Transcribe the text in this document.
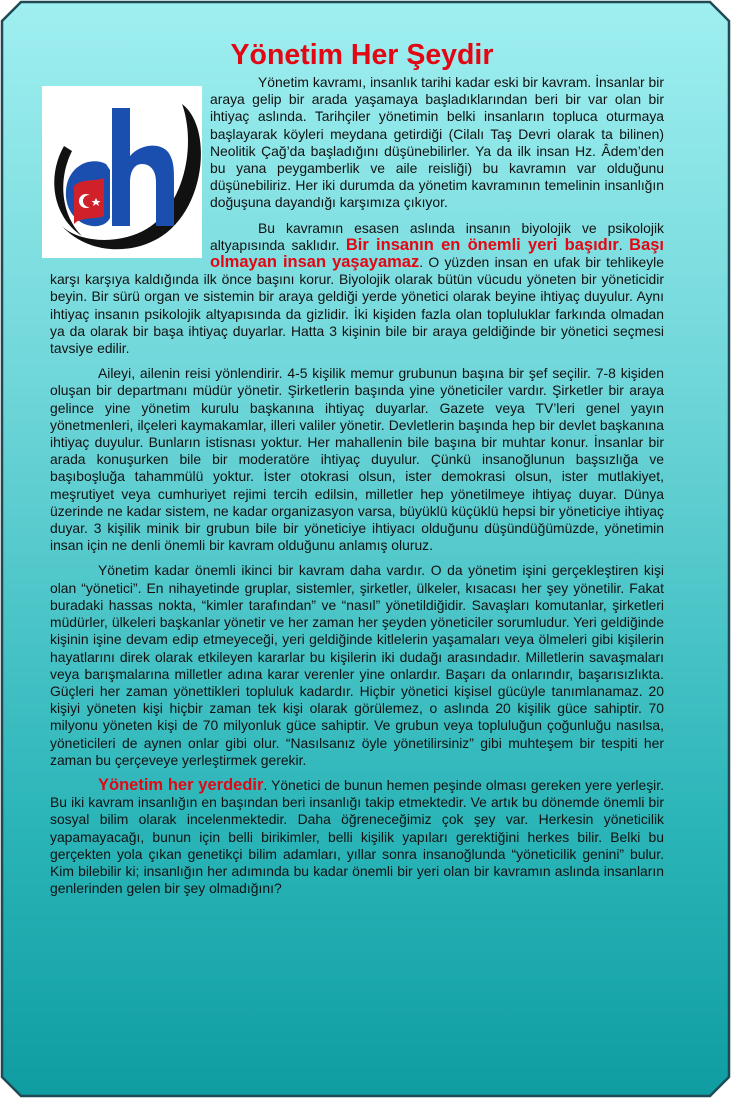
Yönetim Her Şeydir

Yönetim kavramı, insanlık tarihi kadar eski bir kavram. İnsanlar bir araya gelip bir arada yaşamaya başladıklarından beri bir var olan bir ihtiyaç aslında. Tarihçiler yönetimin belki insanların topluca oturmaya başlayarak köyleri meydana getirdiği (Cilalı Taş Devri olarak ta bilinen) Neolitik Çağ’da başladığını düşünebilirler. Ya da ilk insan Hz. Âdem’den bu yana peygamberlik ve aile reisliği) bu kavramın var olduğunu düşünebiliriz. Her iki durumda da yönetim kavramının temelinin insanlığın doğuşuna dayandığı karşımıza çıkıyor.

Bu kavramın esasen aslında insanın biyolojik ve psikolojik altyapısında saklıdır. Bir insanın en önemli yeri başıdır. Başı olmayan insan yaşayamaz. O yüzden insan en ufak bir tehlikeyle karşı karşıya kaldığında ilk önce başını korur. Biyolojik olarak bütün vücudu yöneten bir yöneticidir beyin. Bir sürü organ ve sistemin bir araya geldiği yerde yönetici olarak beyine ihtiyaç duyulur. Aynı ihtiyaç insanın psikolojik altyapısında da gizlidir. İki kişiden fazla olan topluluklar farkında olmadan ya da olarak bir başa ihtiyaç duyarlar. Hatta 3 kişinin bile bir araya geldiğinde bir yönetici seçmesi tavsiye edilir.

Aileyi, ailenin reisi yönlendirir. 4-5 kişilik memur grubunun başına bir şef seçilir. 7-8 kişiden oluşan bir departmanı müdür yönetir. Şirketlerin başında yine yöneticiler vardır. Şirketler bir araya gelince yine yönetim kurulu başkanına ihtiyaç duyarlar. Gazete veya TV’leri genel yayın yönetmenleri, ilçeleri kaymakamlar, illeri valiler yönetir. Devletlerin başında hep bir devlet başkanına ihtiyaç duyulur. Bunların istisnası yoktur. Her mahallenin bile başına bir muhtar konur. İnsanlar bir arada konuşurken bile bir moderatöre ihtiyaç duyulur. Çünkü insanoğlunun başsızlığa ve başıboşluğa tahammülü yoktur. İster otokrasi olsun, ister demokrasi olsun, ister mutlakiyet, meşrutiyet veya cumhuriyet rejimi tercih edilsin, milletler hep yönetilmeye ihtiyaç duyar. Dünya üzerinde ne kadar sistem, ne kadar organizasyon varsa, büyüklü küçüklü hepsi bir yöneticiye ihtiyaç duyar. 3 kişilik minik bir grubun bile bir yöneticiye ihtiyacı olduğunu düşündüğümüzde, yönetimin insan için ne denli önemli bir kavram olduğunu anlamış oluruz.

Yönetim kadar önemli ikinci bir kavram daha vardır. O da yönetim işini gerçekleştiren kişi olan “yönetici”. En nihayetinde gruplar, sistemler, şirketler, ülkeler, kısacası her şey yönetilir. Fakat buradaki hassas nokta, “kimler tarafından” ve “nasıl” yönetildiğidir. Savaşları komutanlar, şirketleri müdürler, ülkeleri başkanlar yönetir ve her zaman her şeyden yöneticiler sorumludur. Yeri geldiğinde kişinin işine devam edip etmeyeceği, yeri geldiğinde kitlelerin yaşamaları veya ölmeleri gibi kişilerin hayatlarını direk olarak etkileyen kararlar bu kişilerin iki dudağı arasındadır. Milletlerin savaşmaları veya barışmalarına milletler adına karar verenler yine onlardır. Başarı da onlarındır, başarısızlıkta. Güçleri her zaman yönettikleri topluluk kadardır. Hiçbir yönetici kişisel gücüyle tanımlanamaz. 20 kişiyi yöneten kişi hiçbir zaman tek kişi olarak görülemez, o aslında 20 kişilik güce sahiptir. 70 milyonu yöneten kişi de 70 milyonluk güce sahiptir. Ve grubun veya topluluğun çoğunluğu nasılsa, yöneticileri de aynen onlar gibi olur. “Nasılsanız öyle yönetilirsiniz” gibi muhteşem bir tespiti her zaman bu çerçeveye yerleştirmek gerekir.

Yönetim her yerdedir. Yönetici de bunun hemen peşinde olması gereken yere yerleşir. Bu iki kavram insanlığın en başından beri insanlığı takip etmektedir. Ve artık bu dönemde önemli bir sosyal bilim olarak incelenmektedir. Daha öğreneceğimiz çok şey var. Herkesin yöneticilik yapamayacağı, bunun için belli birikimler, belli kişilik yapıları gerektiğini herkes bilir. Belki bu gerçekten yola çıkan genetikçi bilim adamları, yıllar sonra insanoğlunda “yöneticilik genini” bulur. Kim bilebilir ki; insanlığın her adımında bu kadar önemli bir yeri olan bir kavramın aslında insanların genlerinden gelen bir şey olmadığını?
